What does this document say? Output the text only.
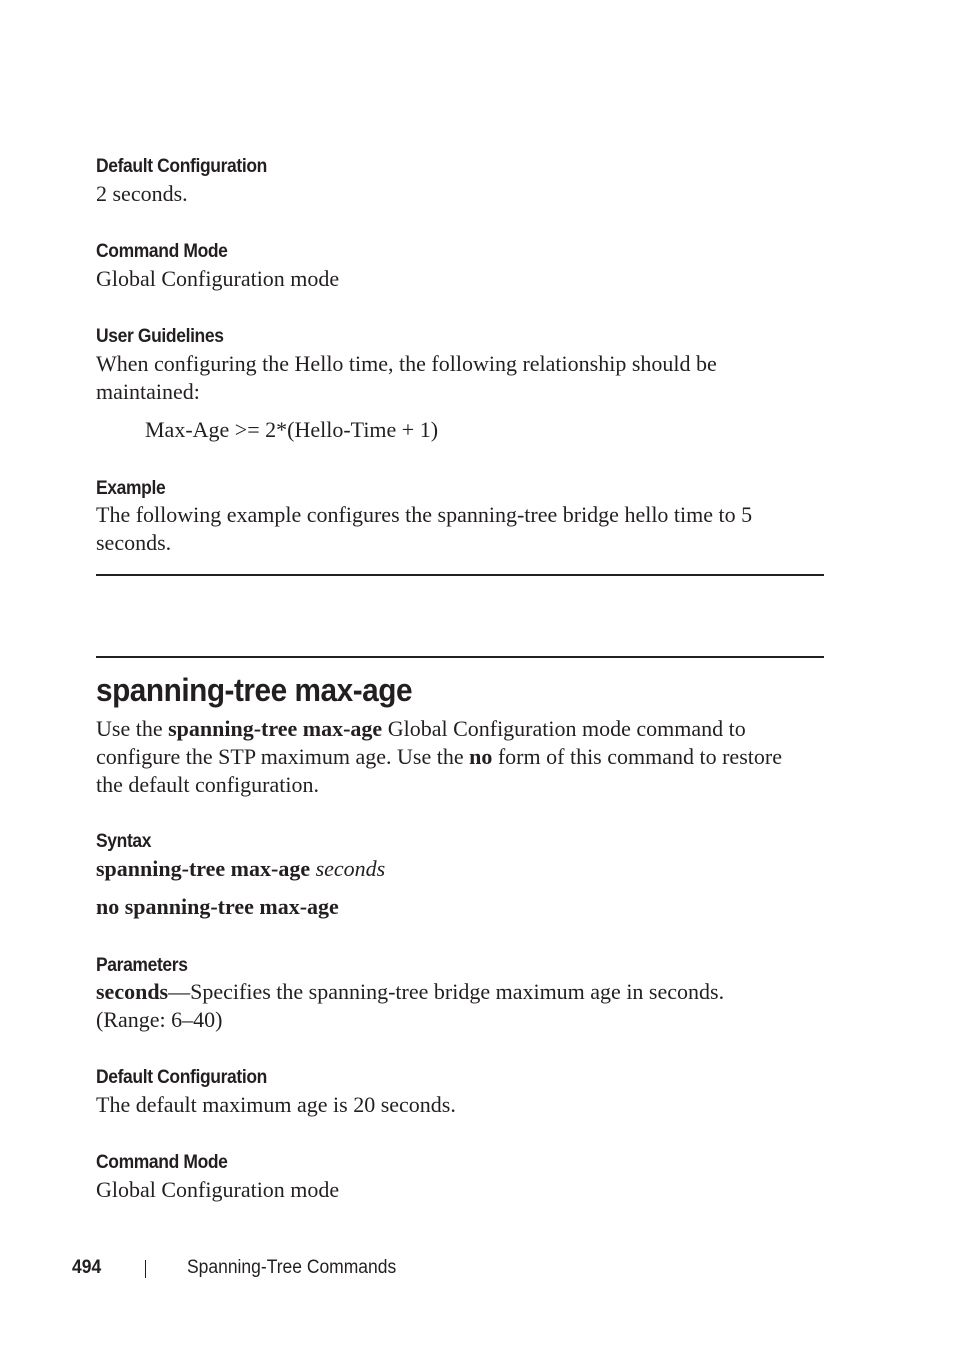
Default Configuration

2 seconds.

Command Mode

Global Configuration mode

User Guidelines

When configuring the Hello time, the following relationship should be maintained:

Max-Age >= 2*(Hello-Time + 1)

Example

The following example configures the spanning-tree bridge hello time to 5 seconds.

spanning-tree max-age

Use the spanning-tree max-age Global Configuration mode command to configure the STP maximum age. Use the no form of this command to restore the default configuration.

Syntax

spanning-tree max-age seconds

no spanning-tree max-age

Parameters

seconds—Specifies the spanning-tree bridge maximum age in seconds. (Range: 6–40)

Default Configuration

The default maximum age is 20 seconds.

Command Mode

Global Configuration mode

494	Spanning-Tree Commands
